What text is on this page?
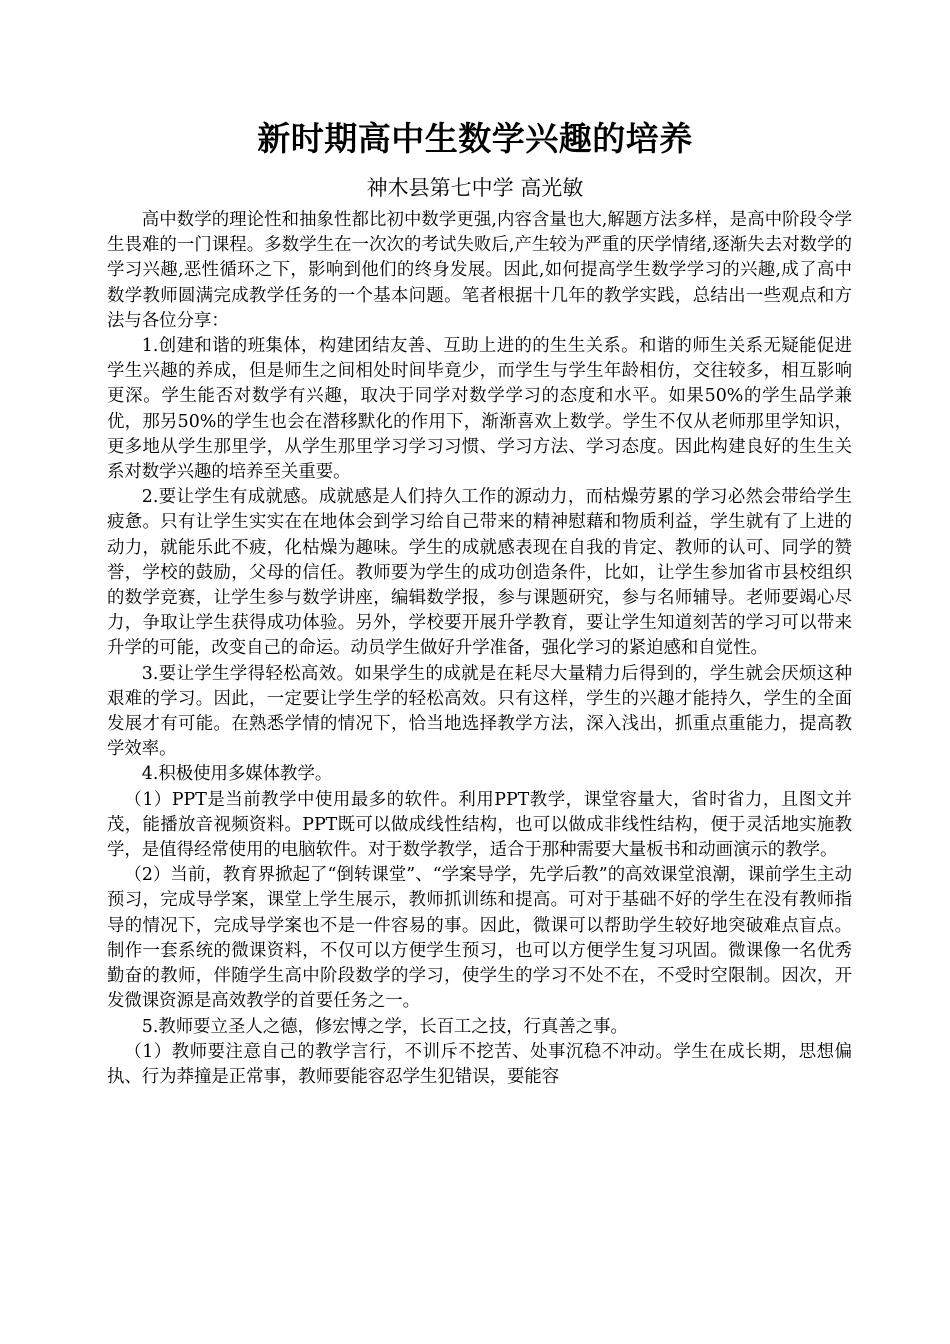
新时期高中生数学兴趣的培养
神木县第七中学 高光敏

高中数学的理论性和抽象性都比初中数学更强,内容含量也大,解题方法多样，是高中阶段令学生畏难的一门课程。多数学生在一次次的考试失败后,产生较为严重的厌学情绪,逐渐失去对数学的学习兴趣,恶性循环之下，影响到他们的终身发展。因此,如何提高学生数学学习的兴趣,成了高中数学教师圆满完成教学任务的一个基本问题。笔者根据十几年的教学实践，总结出一些观点和方法与各位分享：

1.创建和谐的班集体，构建团结友善、互助上进的的生生关系。和谐的师生关系无疑能促进学生兴趣的养成，但是师生之间相处时间毕竟少，而学生与学生年龄相仿，交往较多，相互影响更深。学生能否对数学有兴趣，取决于同学对数学学习的态度和水平。如果50%的学生品学兼优，那另50%的学生也会在潜移默化的作用下，渐渐喜欢上数学。学生不仅从老师那里学知识，更多地从学生那里学，从学生那里学习学习习惯、学习方法、学习态度。因此构建良好的生生关系对数学兴趣的培养至关重要。

2.要让学生有成就感。成就感是人们持久工作的源动力，而枯燥劳累的学习必然会带给学生疲惫。只有让学生实实在在地体会到学习给自己带来的精神慰藉和物质利益，学生就有了上进的动力，就能乐此不疲，化枯燥为趣味。学生的成就感表现在自我的肯定、教师的认可、同学的赞誉，学校的鼓励，父母的信任。教师要为学生的成功创造条件，比如，让学生参加省市县校组织的数学竞赛，让学生参与数学讲座，编辑数学报，参与课题研究，参与名师辅导。老师要竭心尽力，争取让学生获得成功体验。另外，学校要开展升学教育，要让学生知道刻苦的学习可以带来升学的可能，改变自己的命运。动员学生做好升学准备，强化学习的紧迫感和自觉性。

3.要让学生学得轻松高效。如果学生的成就是在耗尽大量精力后得到的，学生就会厌烦这种艰难的学习。因此，一定要让学生学的轻松高效。只有这样，学生的兴趣才能持久，学生的全面发展才有可能。在熟悉学情的情况下，恰当地选择教学方法，深入浅出，抓重点重能力，提高教学效率。

4.积极使用多媒体教学。

（1）PPT是当前教学中使用最多的软件。利用PPT教学，课堂容量大，省时省力，且图文并茂，能播放音视频资料。PPT既可以做成线性结构，也可以做成非线性结构，便于灵活地实施教学，是值得经常使用的电脑软件。对于数学教学，适合于那种需要大量板书和动画演示的教学。

（2）当前，教育界掀起了“倒转课堂”、“学案导学，先学后教”的高效课堂浪潮，课前学生主动预习，完成导学案，课堂上学生展示，教师抓训练和提高。可对于基础不好的学生在没有教师指导的情况下，完成导学案也不是一件容易的事。因此，微课可以帮助学生较好地突破难点盲点。制作一套系统的微课资料，不仅可以方便学生预习，也可以方便学生复习巩固。微课像一名优秀勤奋的教师，伴随学生高中阶段数学的学习，使学生的学习不处不在，不受时空限制。因次，开发微课资源是高效教学的首要任务之一。

5.教师要立圣人之德，修宏博之学，长百工之技，行真善之事。

（1）教师要注意自己的教学言行，不训斥不挖苦、处事沉稳不冲动。学生在成长期，思想偏执、行为莽撞是正常事，教师要能容忍学生犯错误，要能容
